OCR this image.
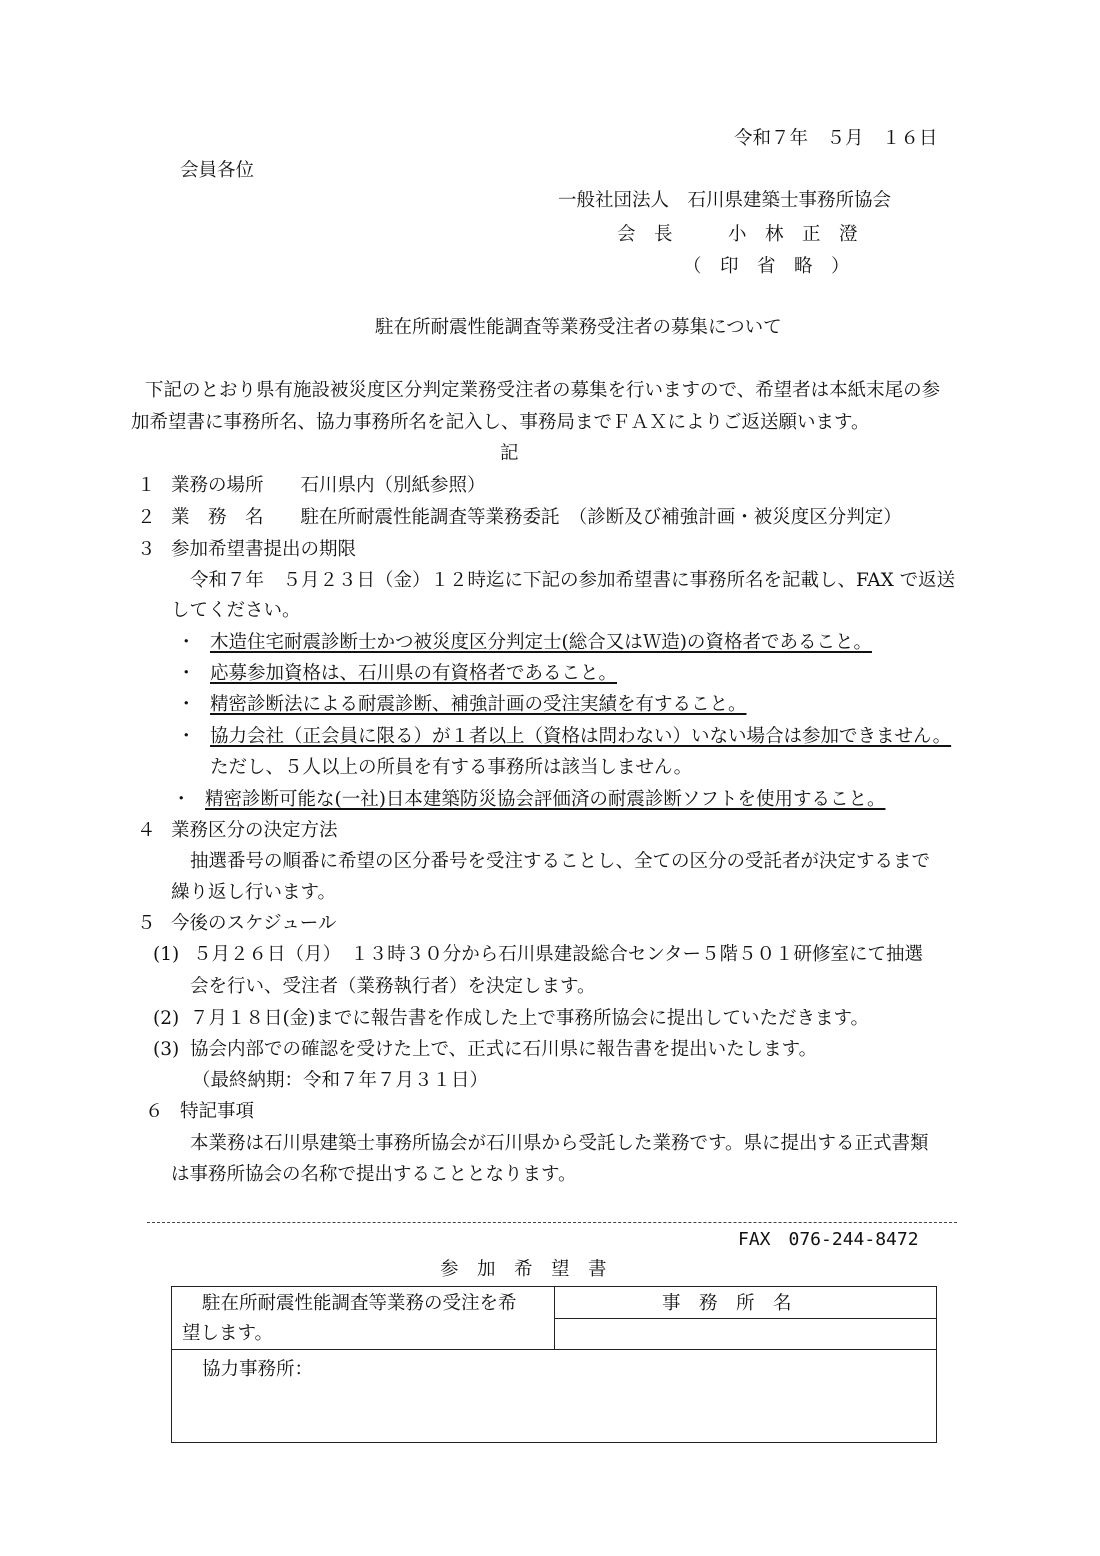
令和７年　５月　１６日
会員各位
一般社団法人　石川県建築士事務所協会
会　長　　　小　林　正　澄
（　印　省　略　）
駐在所耐震性能調査等業務受注者の募集について
下記のとおり県有施設被災度区分判定業務受注者の募集を行いますので、希望者は本紙末尾の参
加希望書に事務所名、協力事務所名を記入し、事務局までＦＡＸによりご返送願います。
記
１ 業務の場所　　石川県内（別紙参照）
２ 業　務　名　　駐在所耐震性能調査等業務委託　（診断及び補強計画・被災度区分判定）
３ 参加希望書提出の期限
令和７年　５月２３日（金）１２時迄に下記の参加希望書に事務所名を記載し、FAX で返送
してください。
・ 木造住宅耐震診断士かつ被災度区分判定士(総合又はＷ造)の資格者であること。
・ 応募参加資格は、石川県の有資格者であること。
・ 精密診断法による耐震診断、補強計画の受注実績を有すること。
・ 協力会社（正会員に限る）が１者以上（資格は問わない）いない場合は参加できません。
ただし、５人以上の所員を有する事務所は該当しません。
・ 精密診断可能な(一社)日本建築防災協会評価済の耐震診断ソフトを使用すること。
４ 業務区分の決定方法
抽選番号の順番に希望の区分番号を受注することし、全ての区分の受託者が決定するまで
繰り返し行います。
５ 今後のスケジュール
(1) ５月２６日（月）　１３時３０分から石川県建設総合センター５階５０１研修室にて抽選
会を行い、受注者（業務執行者）を決定します。
(2) ７月１８日(金)までに報告書を作成した上で事務所協会に提出していただきます。
(3) 協会内部での確認を受けた上で、正式に石川県に報告書を提出いたします。
（最終納期：令和７年７月３１日）
６ 特記事項
本業務は石川県建築士事務所協会が石川県から受託した業務です。県に提出する正式書類
は事務所協会の名称で提出することとなります。
FAX　076-244-8472
参　加　希　望　書
駐在所耐震性能調査等業務の受注を希
望します。
事　務　所　名
協力事務所：
